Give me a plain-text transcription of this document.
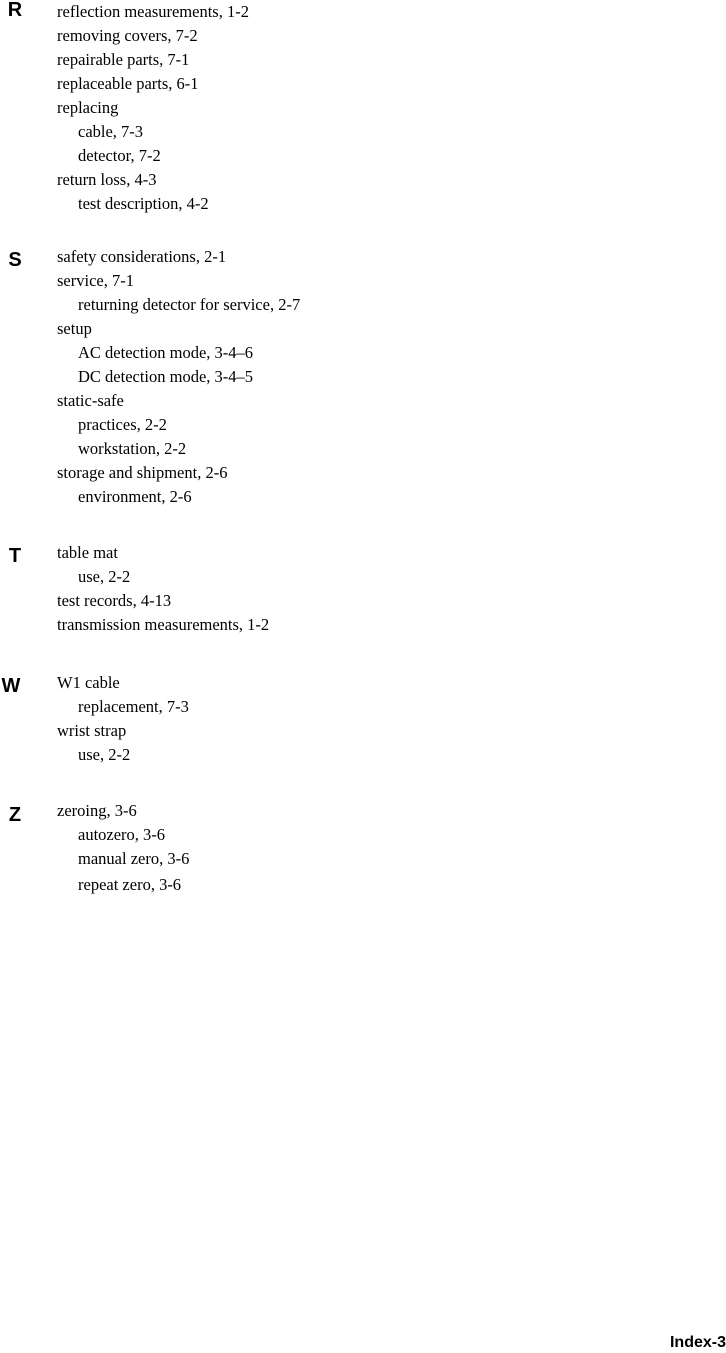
R	reflection measurements, 1-2
removing covers, 7-2
repairable parts, 7-1
replaceable parts, 6-1
replacing
cable, 7-3
detector, 7-2
return loss, 4-3
test description, 4-2
S	safety considerations, 2-1
service, 7-1
returning detector for service, 2-7
setup
AC detection mode, 3-4–6
DC detection mode, 3-4–5
static-safe
practices, 2-2
workstation, 2-2
storage and shipment, 2-6
environment, 2-6
T	table mat
use, 2-2
test records, 4-13
transmission measurements, 1-2
W	W1 cable
replacement, 7-3
wrist strap
use, 2-2
Z	zeroing, 3-6
autozero, 3-6
manual zero, 3-6
repeat zero, 3-6
Index-3
